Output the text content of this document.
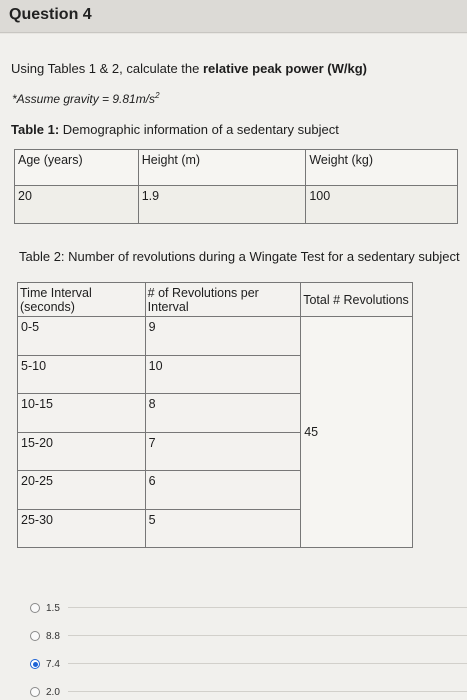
Question 4
Using Tables 1 & 2, calculate the relative peak power (W/kg)
*Assume gravity = $9.81m/s^2$
Table 1: Demographic information of a sedentary subject
Age (years)	Height (m)	Weight (kg)
20	1.9	100
Table 2: Number of revolutions during a Wingate Test for a sedentary subject
Time Interval (seconds)	# of Revolutions per Interval	Total # Revolutions
0-5	9	45
5-10	10	
10-15	8	
15-20	7	
20-25	6	
25-30	5	
1.5
8.8
7.4
2.0
